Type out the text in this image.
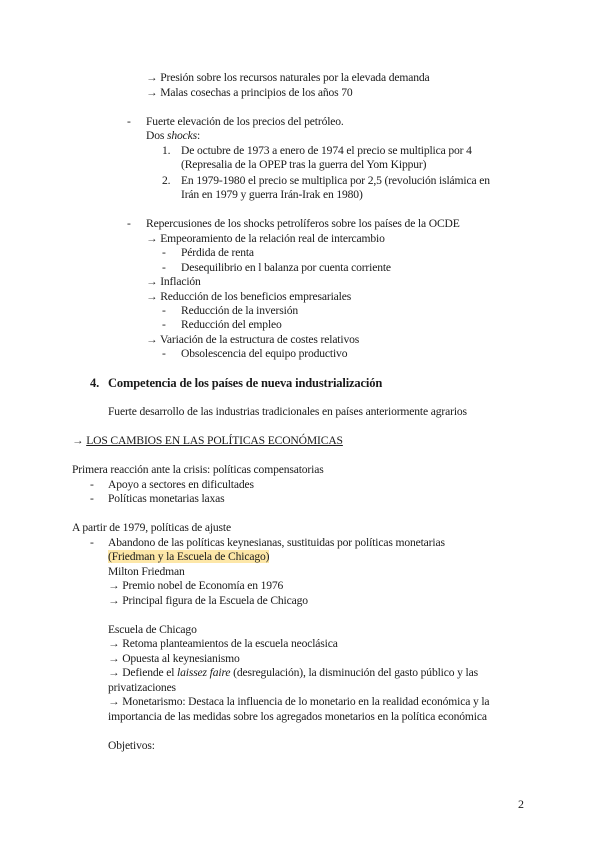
→ Presión sobre los recursos naturales por la elevada demanda
→ Malas cosechas a principios de los años 70
- Fuerte elevación de los precios del petróleo.
Dos shocks:
1. De octubre de 1973 a enero de 1974 el precio se multiplica por 4
(Represalia de la OPEP tras la guerra del Yom Kippur)
2. En 1979-1980 el precio se multiplica por 2,5 (revolución islámica en
Irán en 1979 y guerra Irán-Irak en 1980)
- Repercusiones de los shocks petrolíferos sobre los países de la OCDE
→ Empeoramiento de la relación real de intercambio
- Pérdida de renta
- Desequilibrio en l balanza por cuenta corriente
→ Inflación
→ Reducción de los beneficios empresariales
- Reducción de la inversión
- Reducción del empleo
→ Variación de la estructura de costes relativos
- Obsolescencia del equipo productivo
4. Competencia de los países de nueva industrialización
Fuerte desarrollo de las industrias tradicionales en países anteriormente agrarios
→ LOS CAMBIOS EN LAS POLÍTICAS ECONÓMICAS
Primera reacción ante la crisis: políticas compensatorias
- Apoyo a sectores en dificultades
- Políticas monetarias laxas
A partir de 1979, políticas de ajuste
- Abandono de las políticas keynesianas, sustituidas por políticas monetarias
(Friedman y la Escuela de Chicago)
Milton Friedman
→ Premio nobel de Economía en 1976
→ Principal figura de la Escuela de Chicago
Escuela de Chicago
→ Retoma planteamientos de la escuela neoclásica
→ Opuesta al keynesianismo
→ Defiende el laissez faire (desregulación), la disminución del gasto público y las
privatizaciones
→ Monetarismo: Destaca la influencia de lo monetario en la realidad económica y la
importancia de las medidas sobre los agregados monetarios en la política económica
Objetivos:
2
